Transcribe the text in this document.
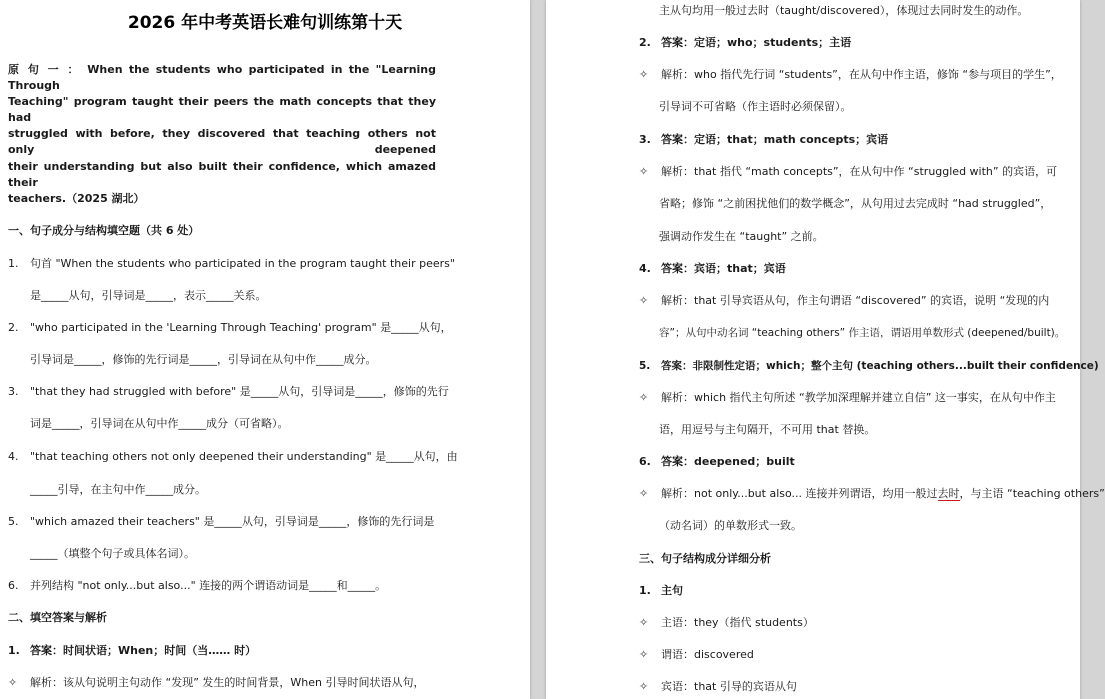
2026 年中考英语长难句训练第十天
原 句 一 ： When the students who participated in the "Learning Through
Teaching" program taught their peers the math concepts that they had
struggled with before, they discovered that teaching others not only deepened
their understanding but also built their confidence, which amazed their
teachers.（2025 湖北）
一、句子成分与结构填空题（共 6 处）
1. 句首 "When the students who participated in the program taught their peers"
是_____从句，引导词是_____，表示_____关系。
2. "who participated in the 'Learning Through Teaching' program" 是_____从句，
引导词是_____，修饰的先行词是_____，引导词在从句中作_____成分。
3. "that they had struggled with before" 是_____从句，引导词是_____，修饰的先行
词是_____，引导词在从句中作_____成分（可省略）。
4. "that teaching others not only deepened their understanding" 是_____从句，由
_____引导，在主句中作_____成分。
5. "which amazed their teachers" 是_____从句，引导词是_____，修饰的先行词是
_____（填整个句子或具体名词）。
6. 并列结构 "not only...but also..." 连接的两个谓语动词是_____和_____。
二、填空答案与解析
1. 答案：时间状语；When；时间（当…… 时）
✧ 解析：该从句说明主句动作 “发现” 发生的时间背景，When 引导时间状语从句，
主从句均用一般过去时（taught/discovered），体现过去同时发生的动作。
2. 答案：定语；who；students；主语
✧ 解析：who 指代先行词 “students”，在从句中作主语，修饰 “参与项目的学生”，
引导词不可省略（作主语时必须保留）。
3. 答案：定语；that；math concepts；宾语
✧ 解析：that 指代 “math concepts”，在从句中作 “struggled with” 的宾语，可
省略；修饰 “之前困扰他们的数学概念”，从句用过去完成时 “had struggled”，
强调动作发生在 “taught” 之前。
4. 答案：宾语；that；宾语
✧ 解析：that 引导宾语从句，作主句谓语 “discovered” 的宾语，说明 “发现的内
容”；从句中动名词 “teaching others” 作主语，谓语用单数形式 (deepened/built)。
5. 答案：非限制性定语；which；整个主句 (teaching others...built their confidence)
✧ 解析：which 指代主句所述 “教学加深理解并建立自信” 这一事实，在从句中作主
语，用逗号与主句隔开，不可用 that 替换。
6. 答案：deepened；built
✧ 解析：not only...but also... 连接并列谓语，均用一般过去时，与主语 “teaching others”
（动名词）的单数形式一致。
三、句子结构成分详细分析
1. 主句
✧ 主语：they（指代 students）
✧ 谓语：discovered
✧ 宾语：that 引导的宾语从句
